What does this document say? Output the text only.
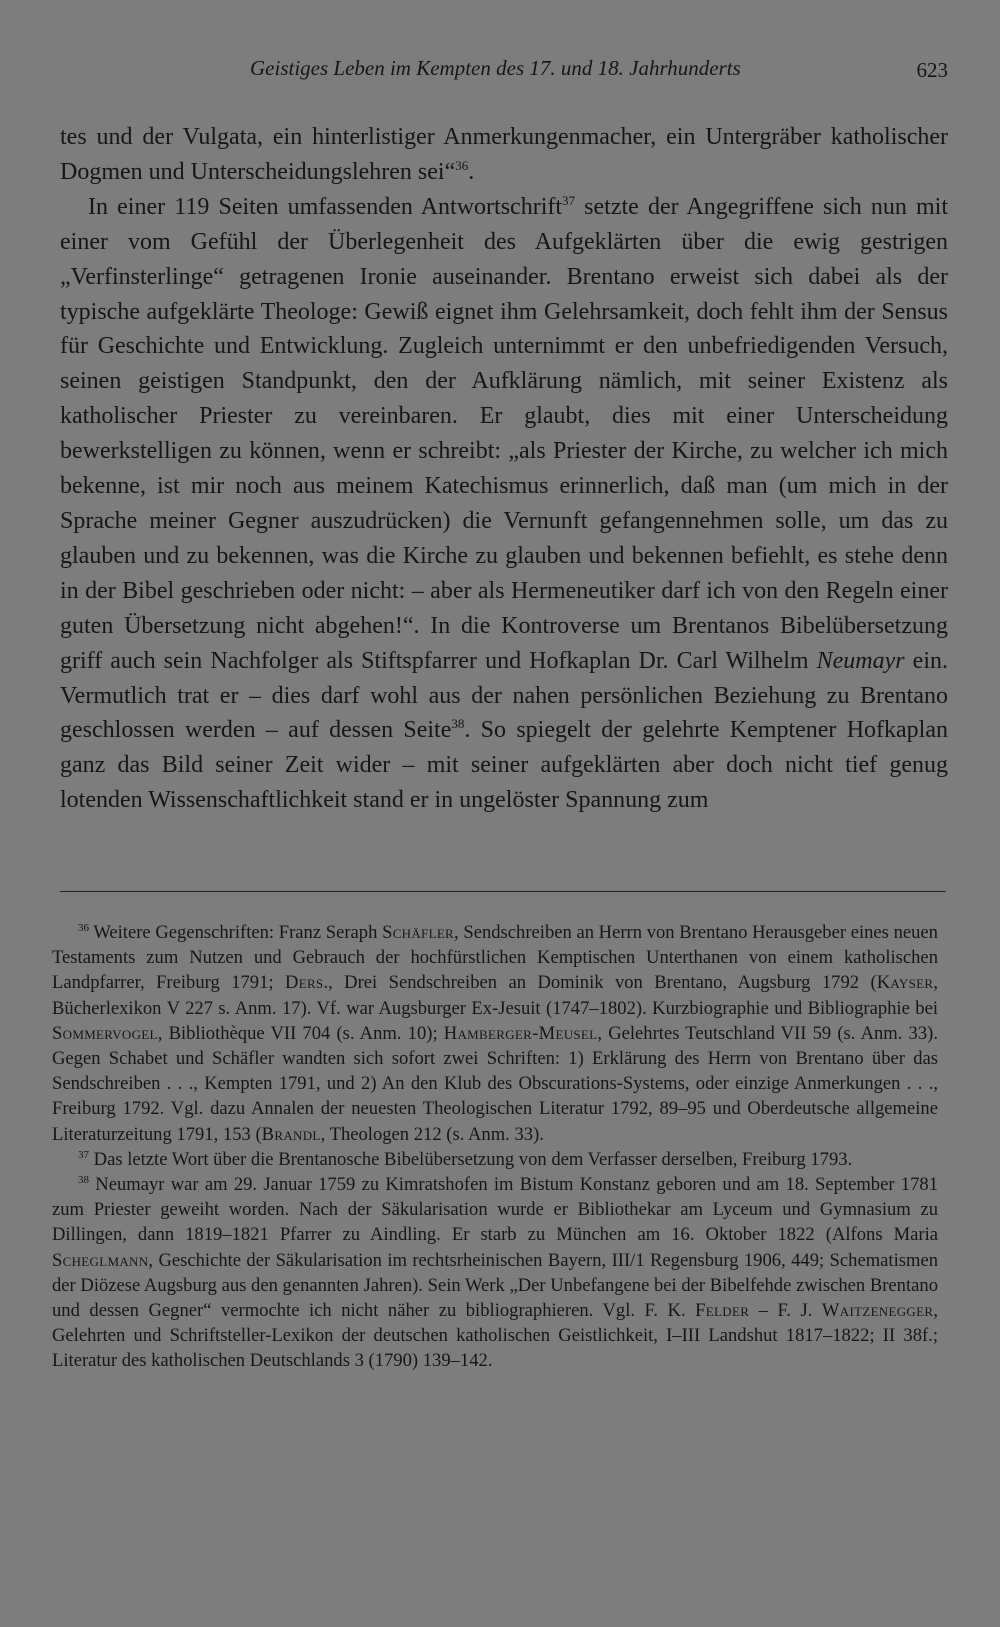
Geistiges Leben im Kempten des 17. und 18. Jahrhunderts	623

tes und der Vulgata, ein hinterlistiger Anmerkungenmacher, ein Untergräber katholischer Dogmen und Unterscheidungslehren sei“$^{36}$.

In einer 119 Seiten umfassenden Antwortschrift$^{37}$ setzte der Angegriffene sich nun mit einer vom Gefühl der Überlegenheit des Aufgeklärten über die ewig gestrigen „Verfinsterlinge“ getragenen Ironie auseinander. Brentano erweist sich dabei als der typische aufgeklärte Theologe: Gewiß eignet ihm Gelehrsamkeit, doch fehlt ihm der Sensus für Geschichte und Entwicklung. Zugleich unternimmt er den unbefriedigenden Versuch, seinen geistigen Standpunkt, den der Aufklärung nämlich, mit seiner Existenz als katholischer Priester zu vereinbaren. Er glaubt, dies mit einer Unterscheidung bewerkstelligen zu können, wenn er schreibt: „als Priester der Kirche, zu welcher ich mich bekenne, ist mir noch aus meinem Katechismus erinnerlich, daß man (um mich in der Sprache meiner Gegner auszudrücken) die Vernunft gefangennehmen solle, um das zu glauben und zu bekennen, was die Kirche zu glauben und bekennen befiehlt, es stehe denn in der Bibel geschrieben oder nicht: – aber als Hermeneutiker darf ich von den Regeln einer guten Übersetzung nicht abgehen!“. In die Kontroverse um Brentanos Bibelübersetzung griff auch sein Nachfolger als Stiftspfarrer und Hofkaplan Dr. Carl Wilhelm Neumayr ein. Vermutlich trat er – dies darf wohl aus der nahen persönlichen Beziehung zu Brentano geschlossen werden – auf dessen Seite$^{38}$. So spiegelt der gelehrte Kemptener Hofkaplan ganz das Bild seiner Zeit wider – mit seiner aufgeklärten aber doch nicht tief genug lotenden Wissenschaftlichkeit stand er in ungelöster Spannung zum

$^{36}$ Weitere Gegenschriften: Franz Seraph Schäfler, Sendschreiben an Herrn von Brentano Herausgeber eines neuen Testaments zum Nutzen und Gebrauch der hochfürstlichen Kemptischen Unterthanen von einem katholischen Landpfarrer, Freiburg 1791; Ders., Drei Sendschreiben an Dominik von Brentano, Augsburg 1792 (Kayser, Bücherlexikon V 227 s. Anm. 17). Vf. war Augsburger Ex-Jesuit (1747–1802). Kurzbiographie und Bibliographie bei Sommervogel, Bibliothèque VII 704 (s. Anm. 10); Hamberger-Meusel, Gelehrtes Teutschland VII 59 (s. Anm. 33). Gegen Schabet und Schäfler wandten sich sofort zwei Schriften: 1) Erklärung des Herrn von Brentano über das Sendschreiben . . ., Kempten 1791, und 2) An den Klub des Obscurations-Systems, oder einzige Anmerkungen . . ., Freiburg 1792. Vgl. dazu Annalen der neuesten Theologischen Literatur 1792, 89–95 und Oberdeutsche allgemeine Literaturzeitung 1791, 153 (Brandl, Theologen 212 (s. Anm. 33).

$^{37}$ Das letzte Wort über die Brentanosche Bibelübersetzung von dem Verfasser derselben, Freiburg 1793.

$^{38}$ Neumayr war am 29. Januar 1759 zu Kimratshofen im Bistum Konstanz geboren und am 18. September 1781 zum Priester geweiht worden. Nach der Säkularisation wurde er Bibliothekar am Lyceum und Gymnasium zu Dillingen, dann 1819–1821 Pfarrer zu Aindling. Er starb zu München am 16. Oktober 1822 (Alfons Maria Scheglmann, Geschichte der Säkularisation im rechtsrheinischen Bayern, III/1 Regensburg 1906, 449; Schematismen der Diözese Augsburg aus den genannten Jahren). Sein Werk „Der Unbefangene bei der Bibelfehde zwischen Brentano und dessen Gegner“ vermochte ich nicht näher zu bibliographieren. Vgl. F. K. Felder – F. J. Waitzenegger, Gelehrten und Schriftsteller-Lexikon der deutschen katholischen Geistlichkeit, I–III Landshut 1817–1822; II 38f.; Literatur des katholischen Deutschlands 3 (1790) 139–142.
